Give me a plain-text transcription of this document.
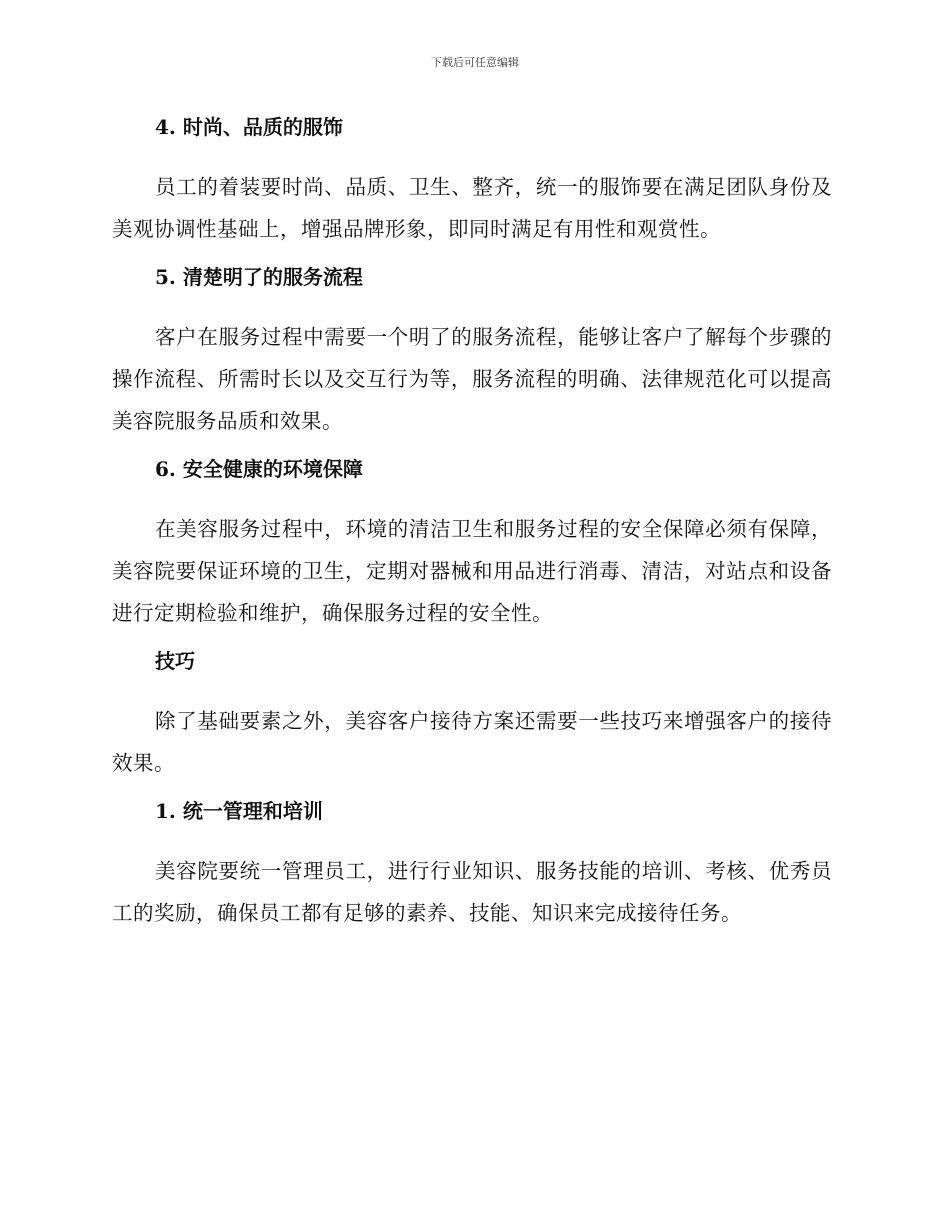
下载后可任意编辑

4. 时尚、品质的服饰

员工的着装要时尚、品质、卫生、整齐，统一的服饰要在满足团队身份及美观协调性基础上，增强品牌形象，即同时满足有用性和观赏性。

5. 清楚明了的服务流程

客户在服务过程中需要一个明了的服务流程，能够让客户了解每个步骤的操作流程、所需时长以及交互行为等，服务流程的明确、法律规范化可以提高美容院服务品质和效果。

6. 安全健康的环境保障

在美容服务过程中，环境的清洁卫生和服务过程的安全保障必须有保障，美容院要保证环境的卫生，定期对器械和用品进行消毒、清洁，对站点和设备进行定期检验和维护，确保服务过程的安全性。

技巧

除了基础要素之外，美容客户接待方案还需要一些技巧来增强客户的接待效果。

1. 统一管理和培训

美容院要统一管理员工，进行行业知识、服务技能的培训、考核、优秀员工的奖励，确保员工都有足够的素养、技能、知识来完成接待任务。
